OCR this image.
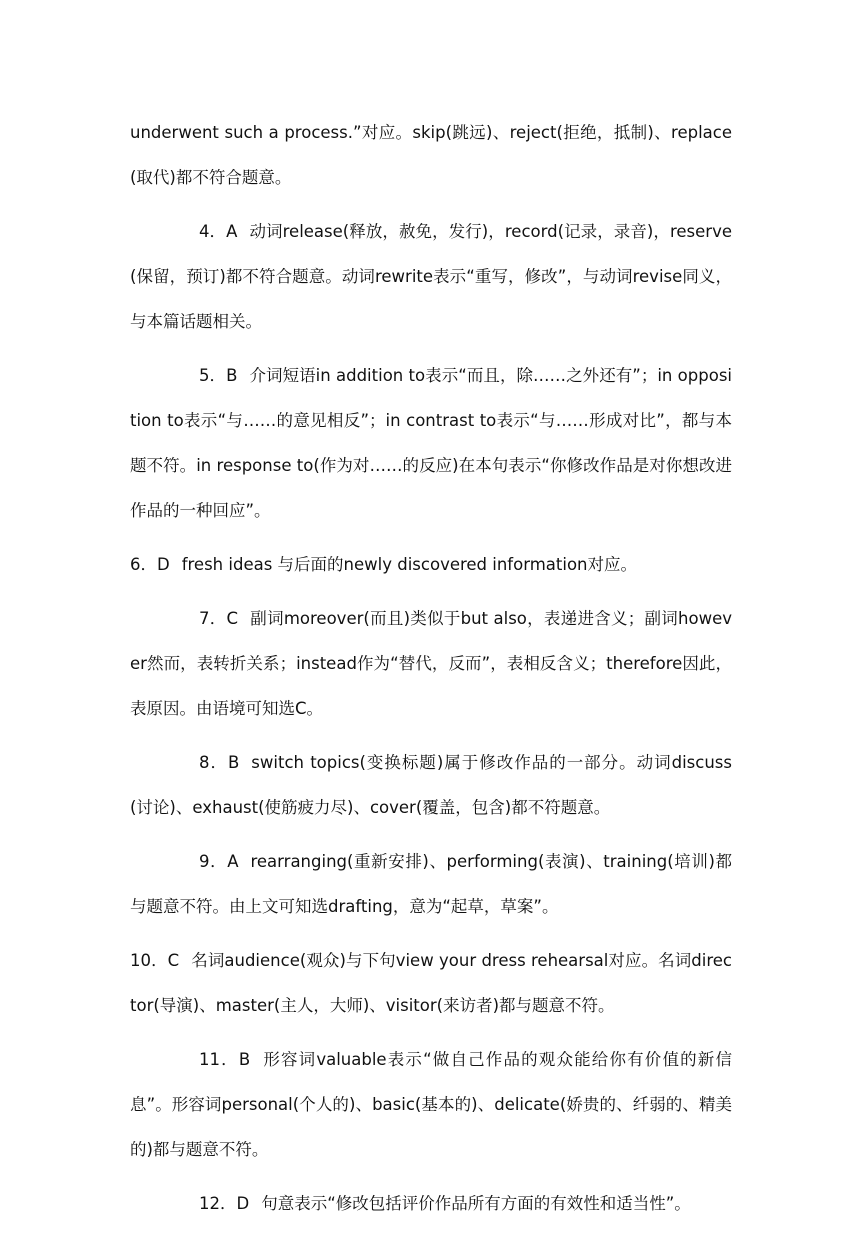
underwent such a process.”对应。skip(跳远)、reject(拒绝，抵制)、replace(取代)都不符合题意。

4．A 动词release(释放，赦免，发行)，record(记录，录音)，reserve(保留，预订)都不符合题意。动词rewrite表示“重写，修改”，与动词revise同义，与本篇话题相关。

5．B 介词短语in addition to表示“而且，除……之外还有”；in opposition to表示“与……的意见相反”；in contrast to表示“与……形成对比”，都与本题不符。in response to(作为对……的反应)在本句表示“你修改作品是对你想改进作品的一种回应”。

6．D fresh ideas 与后面的newly discovered information对应。

7．C 副词moreover(而且)类似于but also，表递进含义；副词however然而，表转折关系；instead作为“替代，反而”，表相反含义；therefore因此，表原因。由语境可知选C。

8．B switch topics(变换标题)属于修改作品的一部分。动词discuss(讨论)、exhaust(使筋疲力尽)、cover(覆盖，包含)都不符题意。

9．A rearranging(重新安排)、performing(表演)、training(培训)都与题意不符。由上文可知选drafting，意为“起草，草案”。

10．C 名词audience(观众)与下句view your dress rehearsal对应。名词director(导演)、master(主人，大师)、visitor(来访者)都与题意不符。

11．B 形容词valuable表示“做自己作品的观众能给你有价值的新信息”。形容词personal(个人的)、basic(基本的)、delicate(娇贵的、纤弱的、精美的)都与题意不符。

12．D 句意表示“修改包括评价作品所有方面的有效性和适当性”。
